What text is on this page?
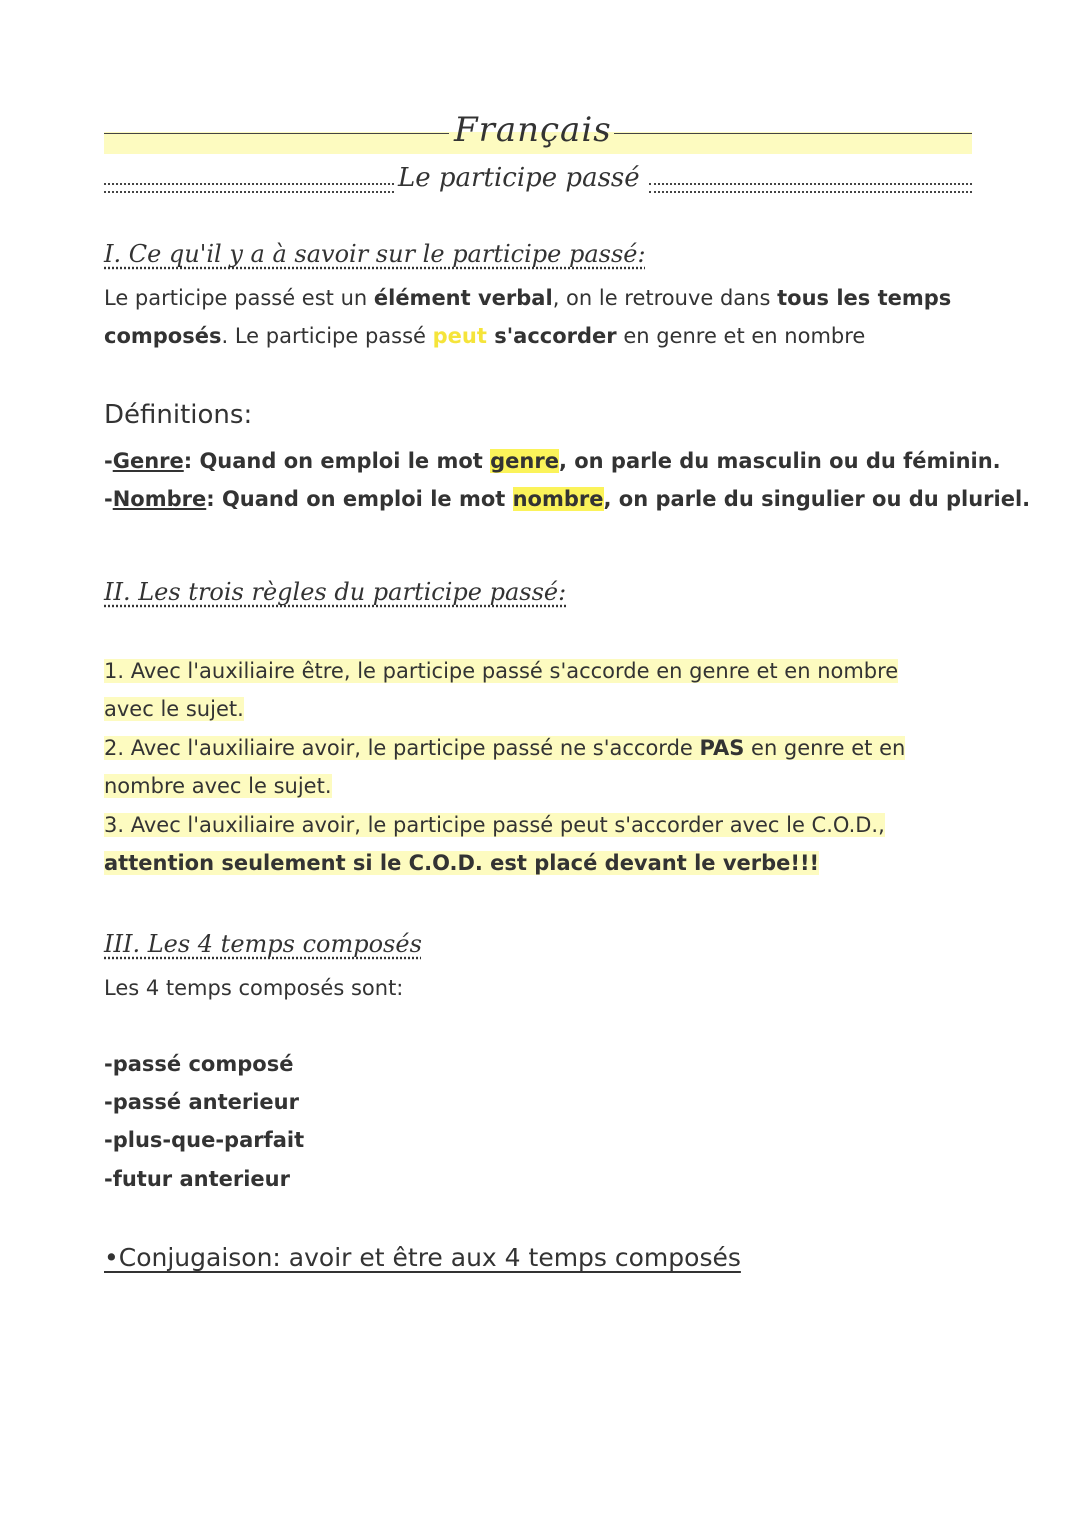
Français
Le participe passé
I. Ce qu'il y a à savoir sur le participe passé:
Le participe passé est un élément verbal, on le retrouve dans tous les temps
composés. Le participe passé peut s'accorder en genre et en nombre
Définitions:
-Genre: Quand on emploi le mot genre, on parle du masculin ou du féminin.
-Nombre: Quand on emploi le mot nombre, on parle du singulier ou du pluriel.
II. Les trois règles du participe passé:
1. Avec l'auxiliaire être, le participe passé s'accorde en genre et en nombre
avec le sujet.
2. Avec l'auxiliaire avoir, le participe passé ne s'accorde PAS en genre et en
nombre avec le sujet.
3. Avec l'auxiliaire avoir, le participe passé peut s'accorder avec le C.O.D.,
attention seulement si le C.O.D. est placé devant le verbe!!!
III. Les 4 temps composés
Les 4 temps composés sont:
-passé composé
-passé anterieur
-plus-que-parfait
-futur anterieur
•Conjugaison: avoir et être aux 4 temps composés
